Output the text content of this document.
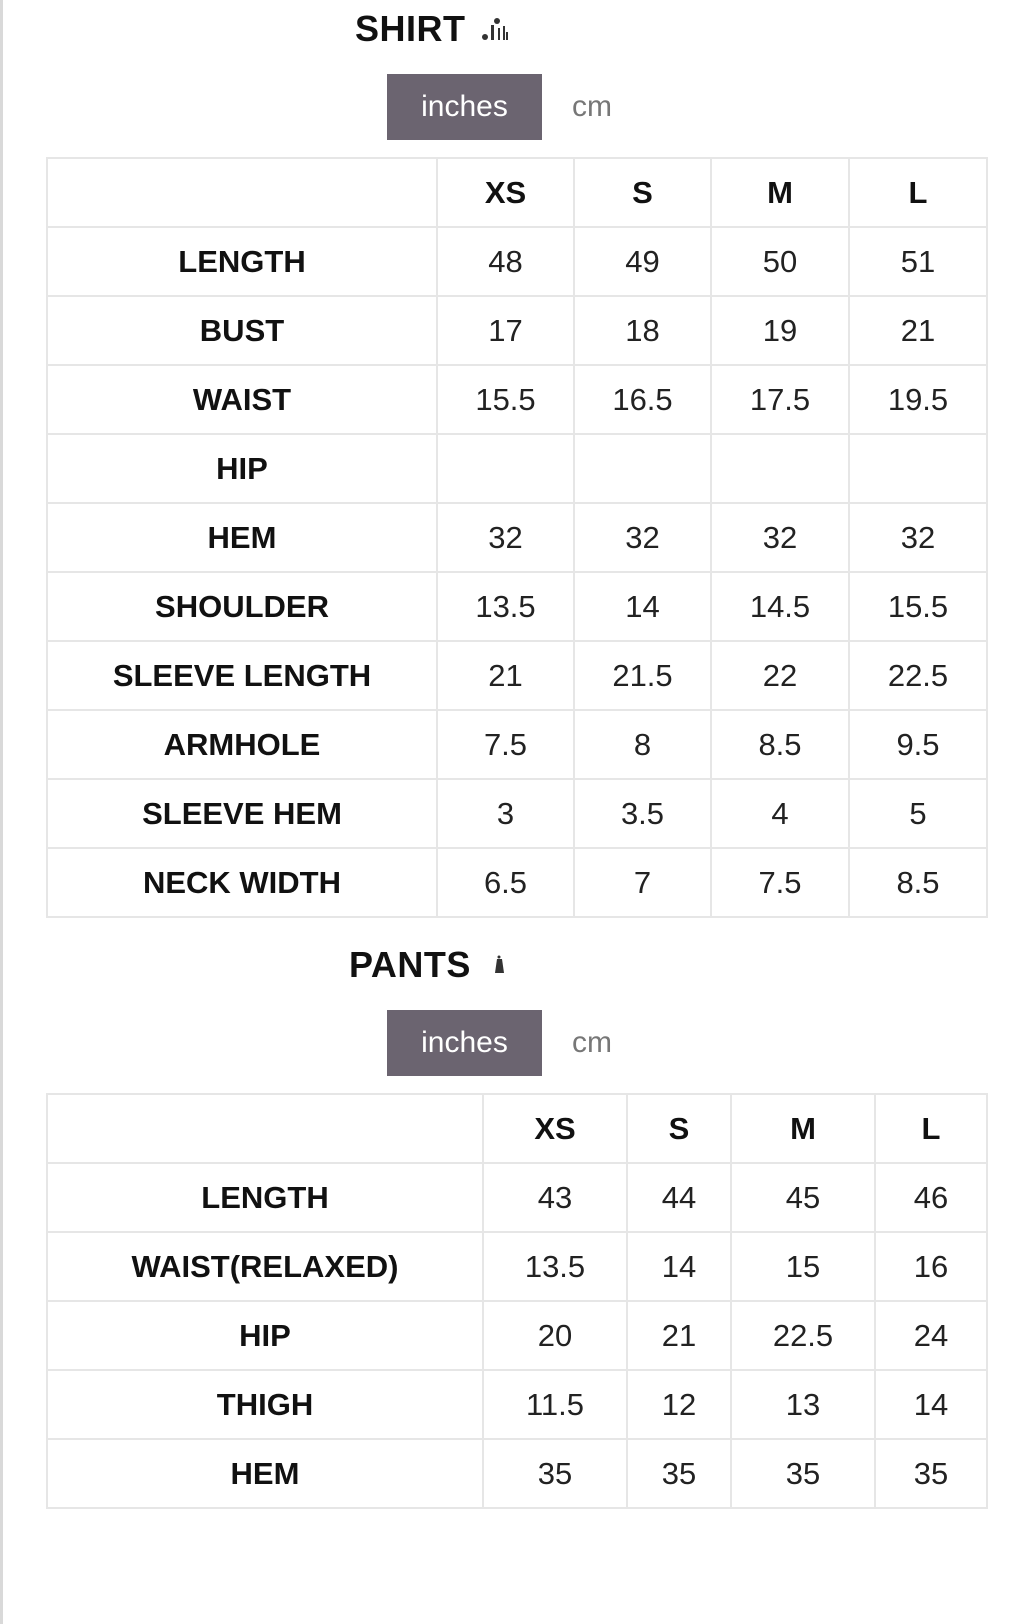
SHIRT
inches	cm
	XS	S	M	L
LENGTH	48	49	50	51
BUST	17	18	19	21
WAIST	15.5	16.5	17.5	19.5
HIP				
HEM	32	32	32	32
SHOULDER	13.5	14	14.5	15.5
SLEEVE LENGTH	21	21.5	22	22.5
ARMHOLE	7.5	8	8.5	9.5
SLEEVE HEM	3	3.5	4	5
NECK WIDTH	6.5	7	7.5	8.5
PANTS
inches	cm
	XS	S	M	L
LENGTH	43	44	45	46
WAIST(RELAXED)	13.5	14	15	16
HIP	20	21	22.5	24
THIGH	11.5	12	13	14
HEM	35	35	35	35
